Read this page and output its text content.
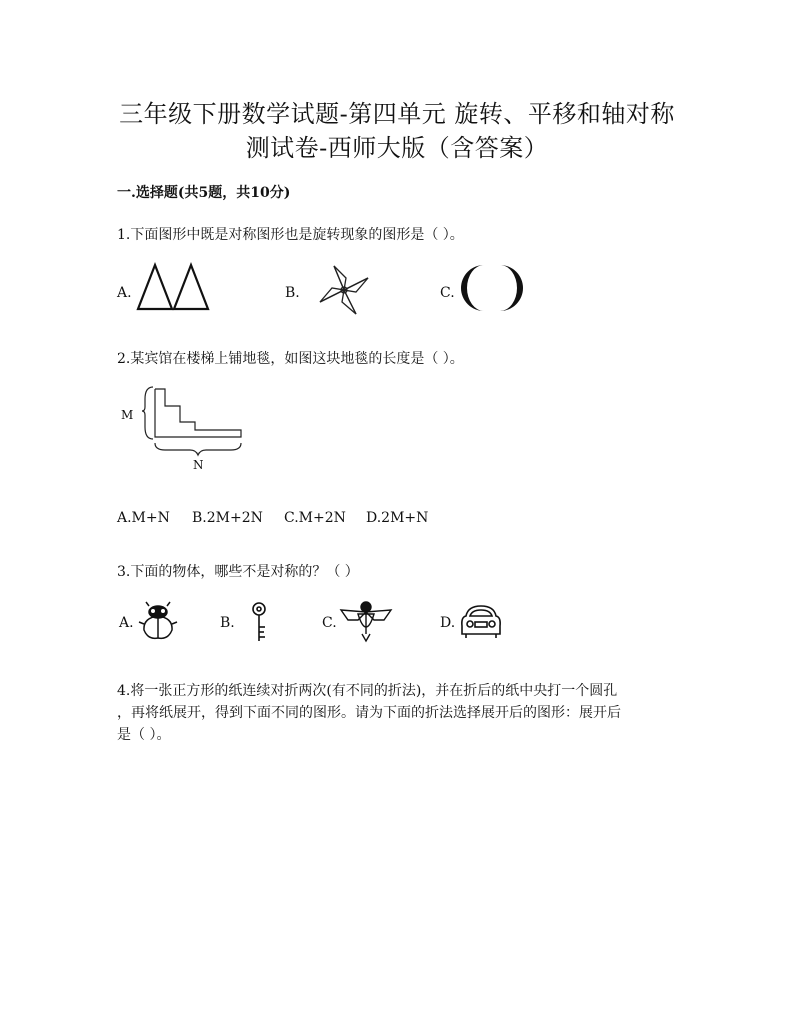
三年级下册数学试题-第四单元 旋转、平移和轴对称
测试卷-西师大版（含答案）
一.选择题(共5题，共10分)
1.下面图形中既是对称图形也是旋转现象的图形是（ ）。
A.	B.	C.
2.某宾馆在楼梯上铺地毯，如图这块地毯的长度是（ ）。
M
N
A.M+N B.2M+2N C.M+2N D.2M+N
3.下面的物体，哪些不是对称的？（ ）
A.	B.	C.	D.
4.将一张正方形的纸连续对折两次(有不同的折法)，并在折后的纸中央打一个圆孔
，再将纸展开，得到下面不同的图形。请为下面的折法选择展开后的图形：展开后
是（ ）。
